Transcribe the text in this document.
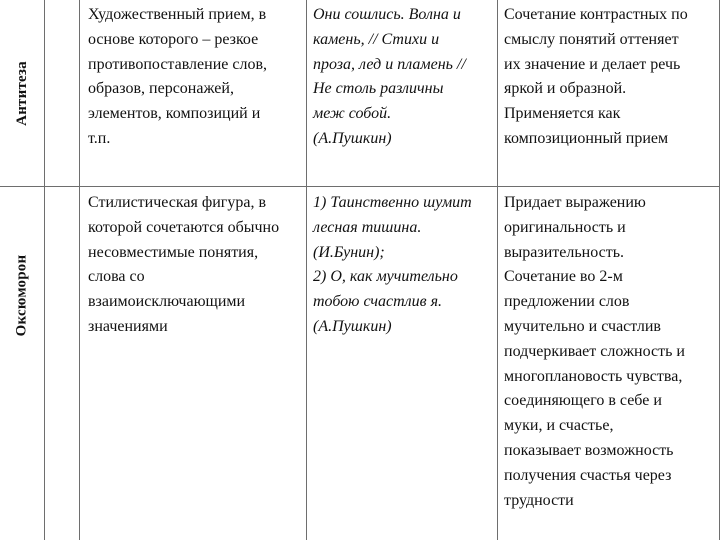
Антитеза
Художественный прием, в
основе которого – резкое
противопоставление слов,
образов, персонажей,
элементов, композиций и
т.п.
Они сошлись. Волна и
камень, // Стихи и
проза, лед и пламень //
Не столь различны
меж собой.
(А.Пушкин)
Сочетание контрастных по
смыслу понятий оттеняет
их значение и делает речь
яркой и образной.
Применяется как
композиционный прием
Оксюморон
Стилистическая фигура, в
которой сочетаются обычно
несовместимые понятия,
слова со
взаимоисключающими
значениями
1) Таинственно шумит
лесная тишина.
(И.Бунин);
2) О, как мучительно
тобою счастлив я.
(А.Пушкин)
Придает выражению
оригинальность и
выразительность.
Сочетание во 2-м
предложении слов
мучительно и счастлив
подчеркивает сложность и
многоплановость чувства,
соединяющего в себе и
муки, и счастье,
показывает возможность
получения счастья через
трудности
